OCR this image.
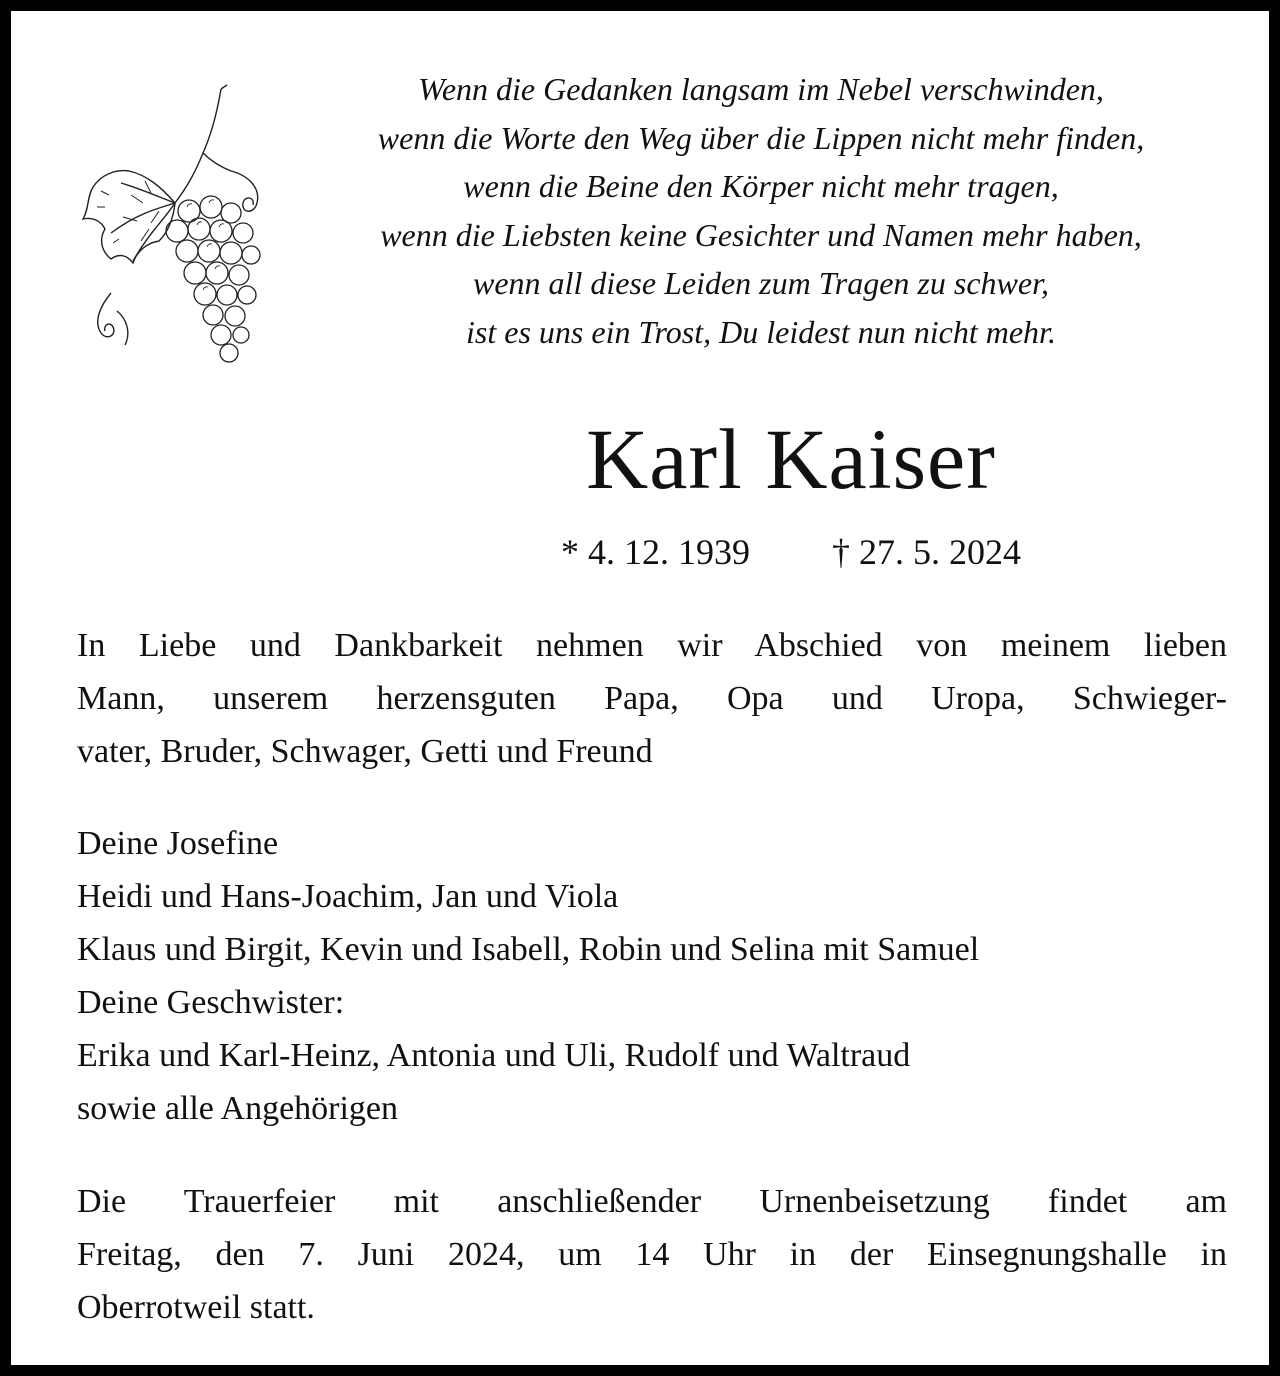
Wenn die Gedanken langsam im Nebel verschwinden,
wenn die Worte den Weg über die Lippen nicht mehr finden,
wenn die Beine den Körper nicht mehr tragen,
wenn die Liebsten keine Gesichter und Namen mehr haben,
wenn all diese Leiden zum Tragen zu schwer,
ist es uns ein Trost, Du leidest nun nicht mehr.
Karl Kaiser
* 4. 12. 1939 † 27. 5. 2024
In Liebe und Dankbarkeit nehmen wir Abschied von meinem lieben
Mann, unserem herzensguten Papa, Opa und Uropa, Schwieger-
vater, Bruder, Schwager, Getti und Freund
Deine Josefine
Heidi und Hans-Joachim, Jan und Viola
Klaus und Birgit, Kevin und Isabell, Robin und Selina mit Samuel
Deine Geschwister:
Erika und Karl-Heinz, Antonia und Uli, Rudolf und Waltraud
sowie alle Angehörigen
Die Trauerfeier mit anschließender Urnenbeisetzung findet am
Freitag, den 7. Juni 2024, um 14 Uhr in der Einsegnungshalle in
Oberrotweil statt.
